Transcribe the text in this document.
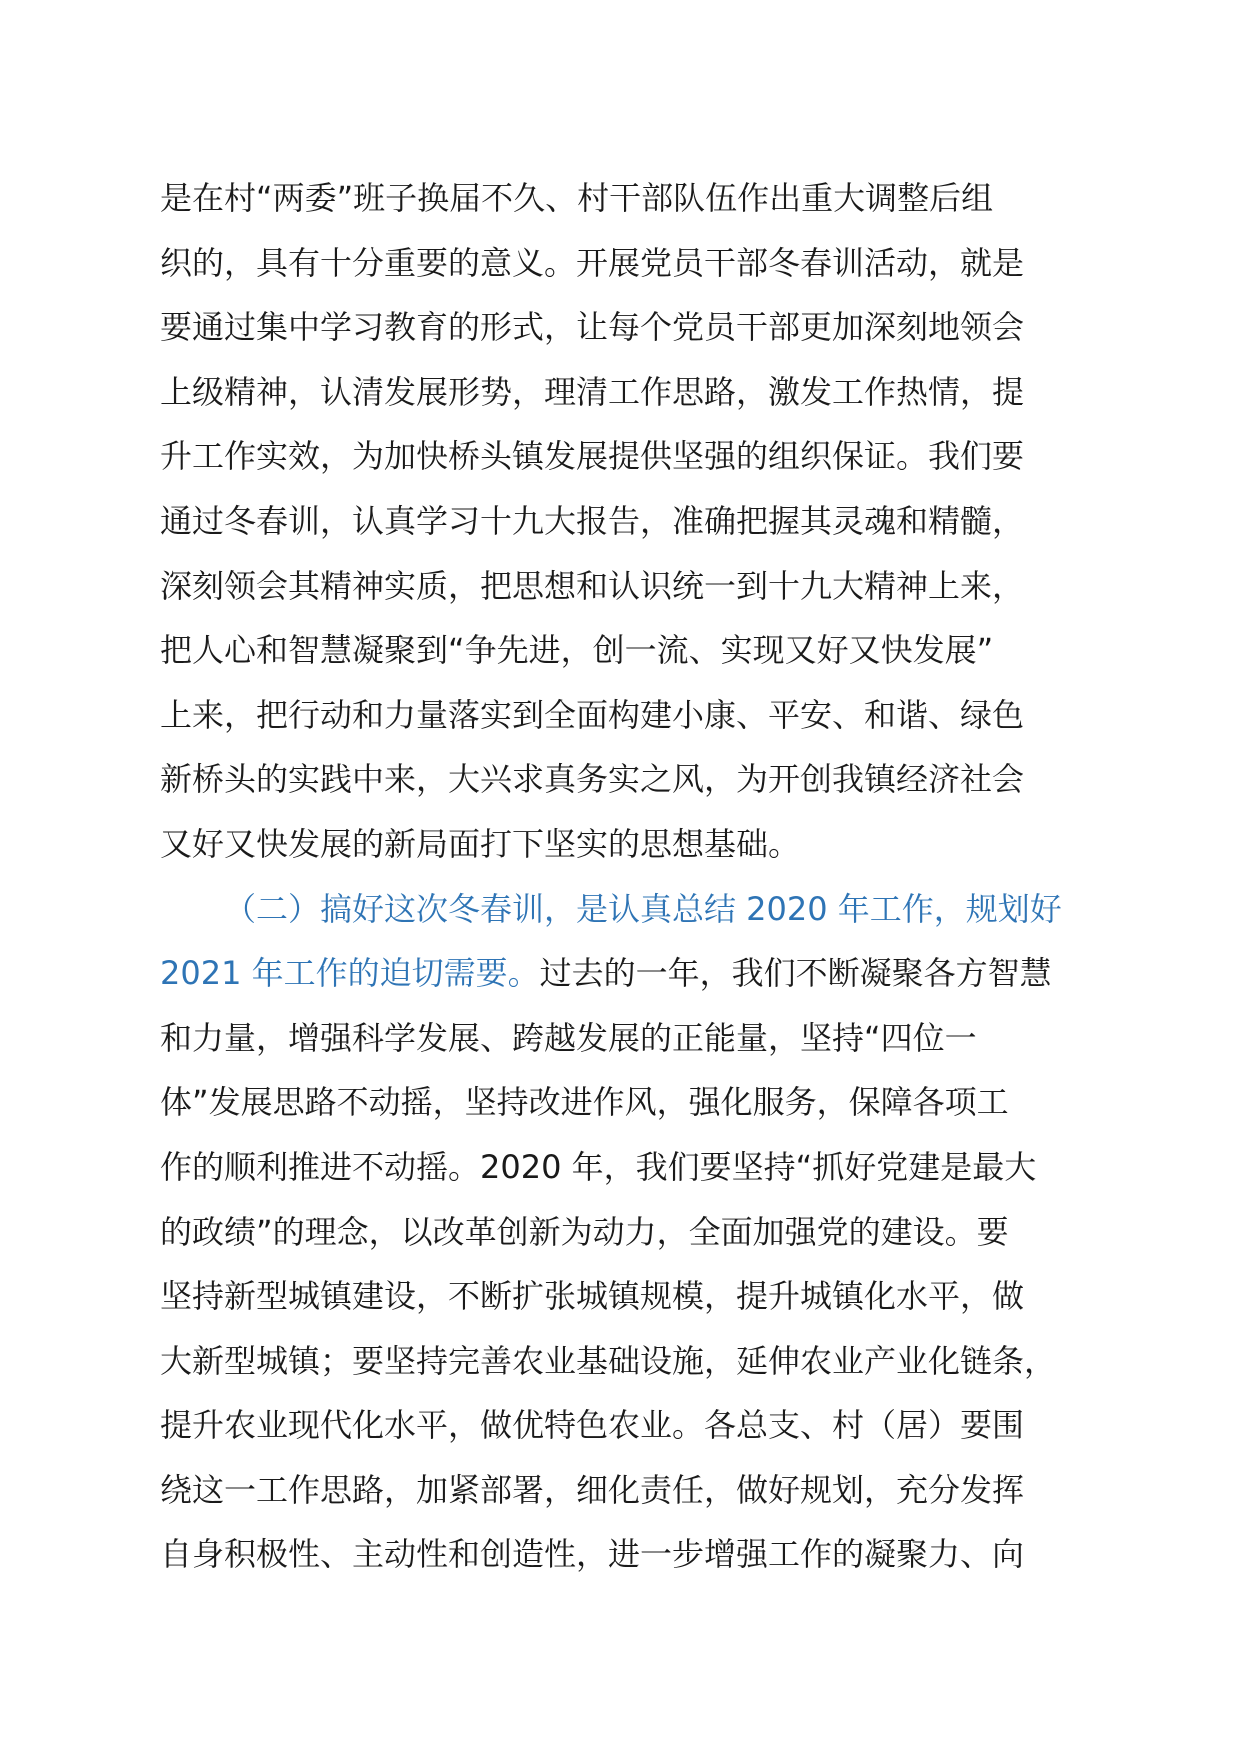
是在村“两委”班子换届不久、村干部队伍作出重大调整后组
织的，具有十分重要的意义。开展党员干部冬春训活动，就是
要通过集中学习教育的形式，让每个党员干部更加深刻地领会
上级精神，认清发展形势，理清工作思路，激发工作热情，提
升工作实效，为加快桥头镇发展提供坚强的组织保证。我们要
通过冬春训，认真学习十九大报告，准确把握其灵魂和精髓，
深刻领会其精神实质，把思想和认识统一到十九大精神上来，
把人心和智慧凝聚到“争先进，创一流、实现又好又快发展”
上来，把行动和力量落实到全面构建小康、平安、和谐、绿色
新桥头的实践中来，大兴求真务实之风，为开创我镇经济社会
又好又快发展的新局面打下坚实的思想基础。
（二）搞好这次冬春训，是认真总结 2020 年工作，规划好
2021 年工作的迫切需要。过去的一年，我们不断凝聚各方智慧
和力量，增强科学发展、跨越发展的正能量，坚持“四位一
体”发展思路不动摇，坚持改进作风，强化服务，保障各项工
作的顺利推进不动摇。2020 年，我们要坚持“抓好党建是最大
的政绩”的理念，以改革创新为动力，全面加强党的建设。要
坚持新型城镇建设，不断扩张城镇规模，提升城镇化水平，做
大新型城镇；要坚持完善农业基础设施，延伸农业产业化链条，
提升农业现代化水平，做优特色农业。各总支、村（居）要围
绕这一工作思路，加紧部署，细化责任，做好规划，充分发挥
自身积极性、主动性和创造性，进一步增强工作的凝聚力、向
